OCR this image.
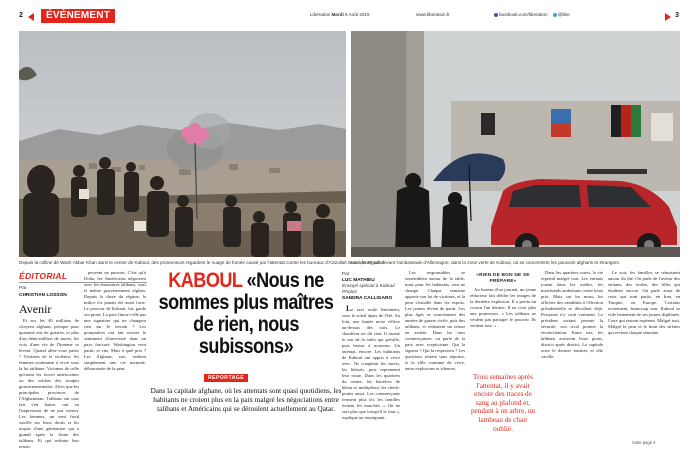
2	ÉVÉNEMENT	Libération Mardi 6 Août 2019	www.liberation.fr	facebook.com/liberation @libe	3
Depuis la colline de Wazir Akbar Khan dans le centre de Kaboul, des promeneurs regardent le nuage de fumée causé par l'attentat contre les bureaux d'Azizullah Baiati, le 28 juillet.
Le même jour, devant l'ambassade d'Allemagne, dans la zone verte de Kaboul, où se concentrent les pouvoirs afghans et étrangers.
ÉDITORIAL
Par
CHRISTIAN LOSSON
Avenir

Et sur les 40 millions de citoyens afghans, presque pour quarante ans de guerres, et plus d'un demi-million de morts, les voix d'une vie de l'homme se lèvent. Quand allez-vous partir ? Victimes de la violence, les femmes continuent à vivre sous la loi talibane. Victimes de celle qu'usent les forces américaines ou des soldats des troupes gouvernementales. Alors que les principales provinces de l'Afghanistan. Talibans ont tous fait s'en battre, ont eu l'impression de ne pas exister. Les femmes, un vent froid souffle sur leurs droits et les acquis d'une génération qui a grandi après la chute des talibans. Et qui redoute leur retour.

peuvent ne pouvoir. C'est qu'à Doha, les Américains négocient avec les émissaires talibans, sous le même gouvernement afghan. Depuis la chute du régime, la milice n'a jamais été aussi forte. Le pouvoir de Kaboul, lui, garde ses pions. La paix finira-t-elle par une signature qui ne changera rien sur le terrain ? Les pourparlers ont fait exister le sentiment d'ouverture dans un pays fracturé. Washington veut partir, et vite. Mais à quel prix ? Les Afghans, eux, veulent simplement une vie normale, débarrassée de la peur.

KABOUL «Nous ne sommes plus maîtres de rien, nous subissons»
REPORTAGE
Dans la capitale afghane, où les attentats sont quasi quotidiens, les habitants ne croient plus en la paix malgré les négociations entre talibans et Américains qui se déroulent actuellement au Qatar.
Par
LUC MATHIEU
Envoyé spécial à Kaboul
Photos
SANDRA CALLIGARO

Le taxi roule lentement, sous le soleil épais de l'été. Au loin, une fumée noire s'élève au-dessus des toits. Le chauffeur ne dit rien. Il monte le son de la radio qui grésille, puis baisse à nouveau. Un attentat, encore. Les habitants de Kaboul ont appris à vivre avec. Ils comptent les morts, les blessés, puis reprennent leur route. Dans les quartiers du centre, les barrières de béton se multiplient, les check-points aussi. Les commerçants ferment plus tôt, les familles évitent les marchés. « On ne sort plus que lorsqu'il le faut », explique un enseignant.

Les responsables se rassemblent autour de la table, mais pour les habitants, rien ne change. Chaque semaine apporte son lot de victimes, et la peur s'installe dans les esprits. Les jeunes rêvent de partir. Les plus âgés se souviennent des années de guerre civile, puis des talibans, et redoutent un retour en arrière. Dans les rues commerçantes, on parle de la paix avec scepticisme. Qui la signera ? Qui la respectera ? Les questions restent sans réponse, et la ville continue de vivre, entre explosions et silences.

«RIEN DE BON NE SE PRÉPARE»

Au bureau d'un journal, un jeune rédacteur fait défiler les images de la dernière explosion. Il a perdu un cousin l'an dernier. Il ne croit plus aux promesses. « Les talibans ne veulent pas partager le pouvoir. Ils veulent tout. »

Trois semaines après l'attentat, il y avait encore des traces de sang au plafond et, pendant à un arbre, un lambeau de chair oublié.

Dans les quartiers ouest, la vie reprend malgré tout. Les enfants jouent dans les ruelles, les marchands ambulants crient leurs prix. Mais sur les murs, les affiches des candidats à l'élection présidentielle se décollent déjà. Personne n'y croit vraiment. Le président sortant promet la sécurité, son rival promet la réconciliation. Entre eux, les talibans avancent leurs pions, district après district. La capitale reste le dernier bastion, et elle vacille.

Le soir, les familles se réunissent autour du thé. On parle de l'avenir des enfants, des écoles, des filles qui étudient encore. On parle aussi de ceux qui sont partis, en Iran, en Turquie, en Europe. Certains reviennent, beaucoup non. Kaboul se vide lentement de ses jeunes diplômés. Ceux qui restent espèrent. Malgré tout. Malgré la peur et le bruit des sirènes qui revient chaque semaine.

Suite page 4
